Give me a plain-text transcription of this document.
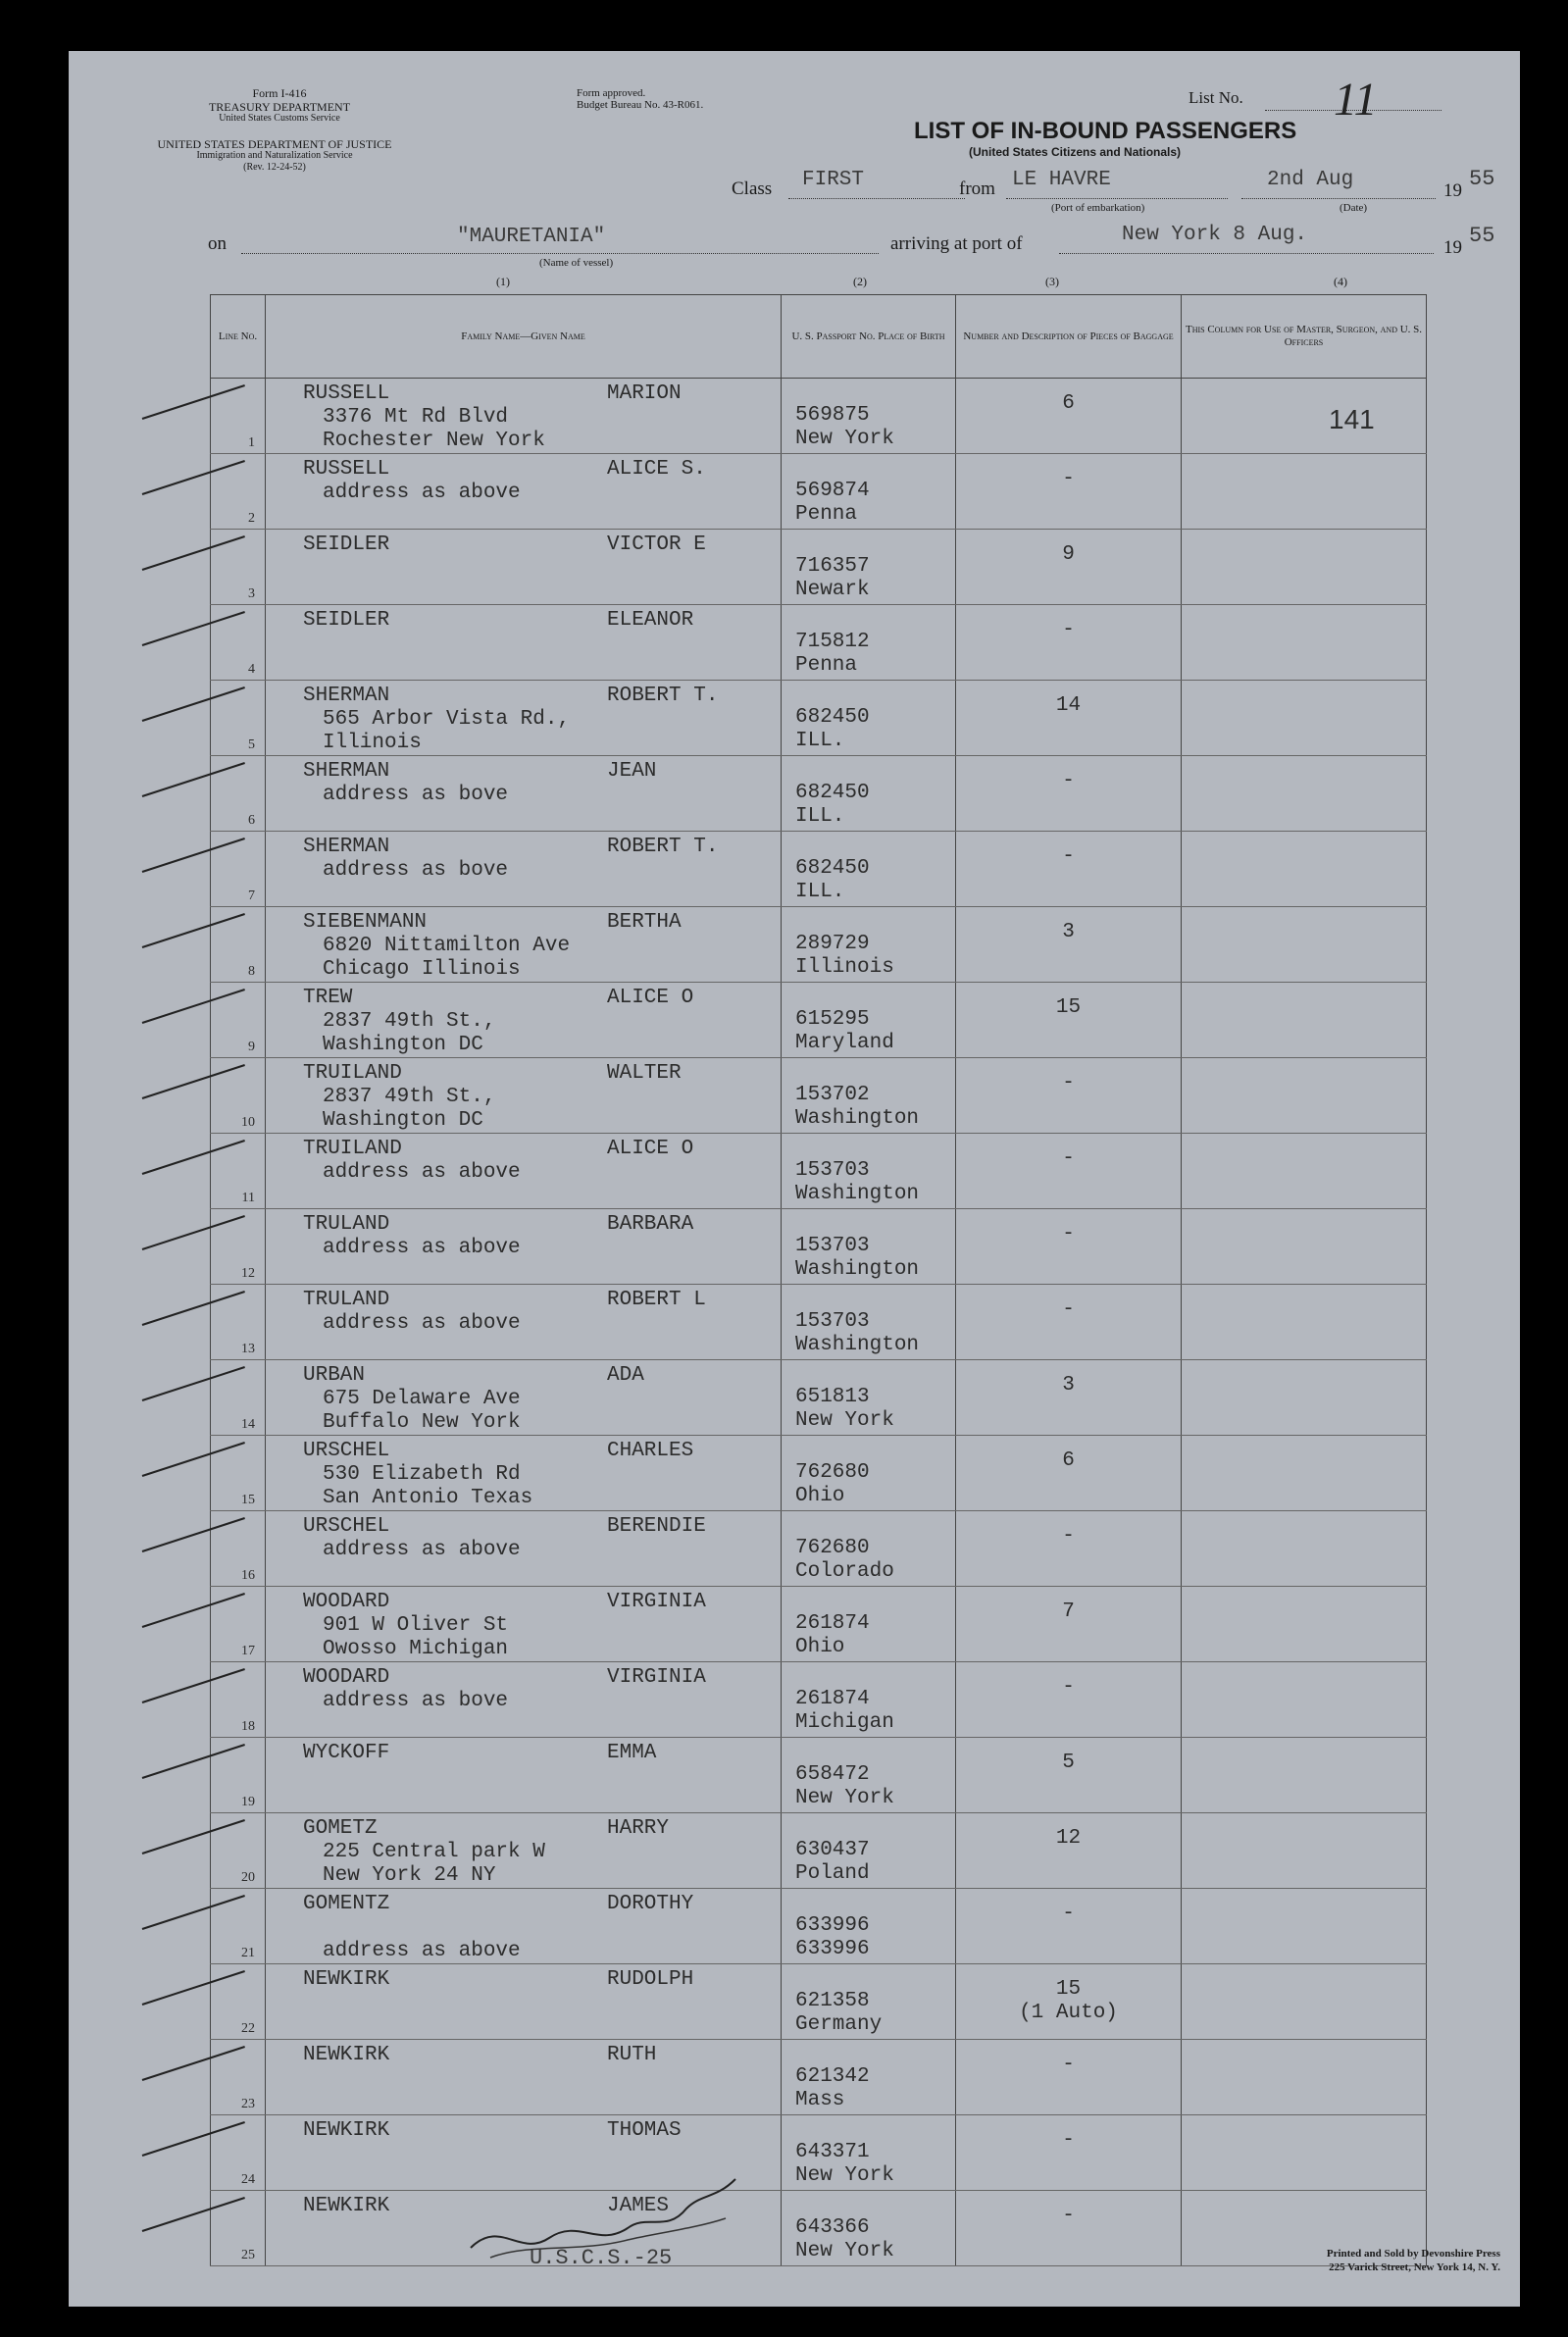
Form I-416
TREASURY DEPARTMENT
United States Customs Service
UNITED STATES DEPARTMENT OF JUSTICE
Immigration and Naturalization Service
(Rev. 12-24-52)
Form approved.
Budget Bureau No. 43-R061.	List No. 11
LIST OF IN-BOUND PASSENGERS
(United States Citizens and Nationals)
Class FIRST	from LE HAVRE
(Port of embarkation)
2nd Aug
(Date)
19 55
on	"MAURETANIA"
(Name of vessel)
arriving at port of	New York 8 Aug.
19 55
(1)	(2)	(3)	(4)
Line No.	Family Name—Given Name	U. S. Passport No. Place of Birth	Number and Description of Pieces of Baggage	This Column for Use of Master, Surgeon, and U. S. Officers

1	RUSSELL MARION
3376 Mt Rd Blvd
Rochester New York	569875
New York	6	141

2	RUSSELL ALICE S.
address as above	569874
Penna	-	

3	SEIDLER VICTOR E	716357
Newark	9	

4	SEIDLER ELEANOR	715812
Penna	-	

5	SHERMAN ROBERT T.
565 Arbor Vista Rd.,
Illinois	682450
ILL.	14	

6	SHERMAN JEAN
address as bove	682450
ILL.	-	

7	SHERMAN ROBERT T.
address as bove	682450
ILL.	-	

8	SIEBENMANN BERTHA
6820 Nittamilton Ave
Chicago Illinois	289729
Illinois	3	

9	TREW ALICE O
2837 49th St.,
Washington DC	615295
Maryland	15	

10	TRUILAND WALTER
2837 49th St.,
Washington DC	153702
Washington	-	

11	TRUILAND ALICE O
address as above	153703
Washington	-	

12	TRULAND BARBARA
address as above	153703
Washington	-	

13	TRULAND ROBERT L
address as above	153703
Washington	-	

14	URBAN ADA
675 Delaware Ave
Buffalo New York	651813
New York	3	

15	URSCHEL CHARLES
530 Elizabeth Rd
San Antonio Texas	762680
Ohio	6	

16	URSCHEL BERENDIE
address as above	762680
Colorado	-	

17	WOODARD VIRGINIA
901 W Oliver St
Owosso Michigan	261874
Ohio	7	

18	WOODARD VIRGINIA
address as bove	261874
Michigan	-	

19	WYCKOFF EMMA	658472
New York	5	

20	GOMETZ HARRY
225 Central park W
New York 24 NY	630437
Poland	12	

21	GOMENTZ DOROTHY
address as above	633996
633996	-	

22	NEWKIRK RUDOLPH	621358
Germany	15
(1 Auto)	

23	NEWKIRK RUTH	621342
Mass	-	

24	NEWKIRK THOMAS	643371
New York	-	

25	NEWKIRK JAMES	643366
New York	-	

U.S.C.S.-25	Printed and Sold by Devonshire Press
225 Varick Street, New York 14, N. Y.
